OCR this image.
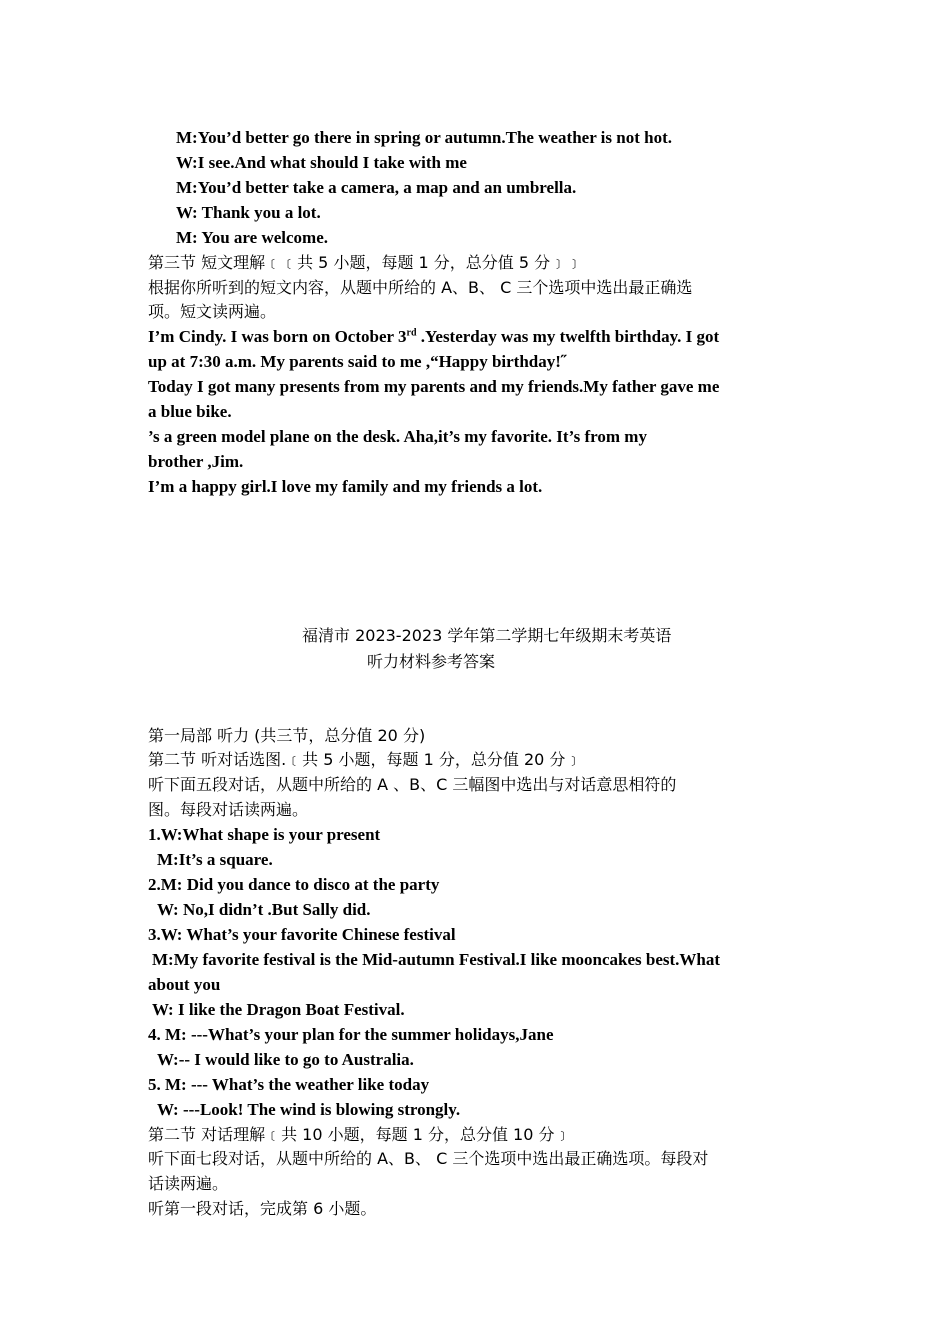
M:You’d better go there in spring or autumn.The weather is not hot.
W:I see.And what should I take with me
M:You’d better take a camera, a map and an umbrella.
W: Thank you a lot.
M: You are welcome.
第三节 短文理解﹝﹝共 5 小题，每题 1 分，总分值 5 分﹞﹞
根据你所听到的短文内容，从题中所给的 A、B、 C 三个选项中选出最正确选
项。短文读两遍。
I’m Cindy. I was born on October 3rd .Yesterday was my twelfth birthday. I got
up at 7:30 a.m. My parents said to me ,“Happy birthday!˝
Today I got many presents from my parents and my friends.My father gave me
a blue bike.
’s a green model plane on the desk. Aha,it’s my favorite. It’s from my
brother ,Jim.
I’m a happy girl.I love my family and my friends a lot.
福清市 2023-2023 学年第二学期七年级期末考英语
听力材料参考答案
第一局部 听力 (共三节，总分值 20 分)
第二节 听对话选图.﹝共 5 小题，每题 1 分，总分值 20 分﹞
听下面五段对话，从题中所给的 A 、B、C 三幅图中选出与对话意思相符的
图。每段对话读两遍。
1.W:What shape is your present
M:It’s a square.
2.M: Did you dance to disco at the party
W: No,I didn’t .But Sally did.
3.W: What’s your favorite Chinese festival
M:My favorite festival is the Mid-autumn Festival.I like mooncakes best.What
about you
W: I like the Dragon Boat Festival.
4. M: ---What’s your plan for the summer holidays,Jane
W:-- I would like to go to Australia.
5. M: --- What’s the weather like today
W: ---Look! The wind is blowing strongly.
第二节 对话理解﹝共 10 小题，每题 1 分，总分值 10 分﹞
听下面七段对话，从题中所给的 A、B、 C 三个选项中选出最正确选项。每段对
话读两遍。
听第一段对话，完成第 6 小题。
